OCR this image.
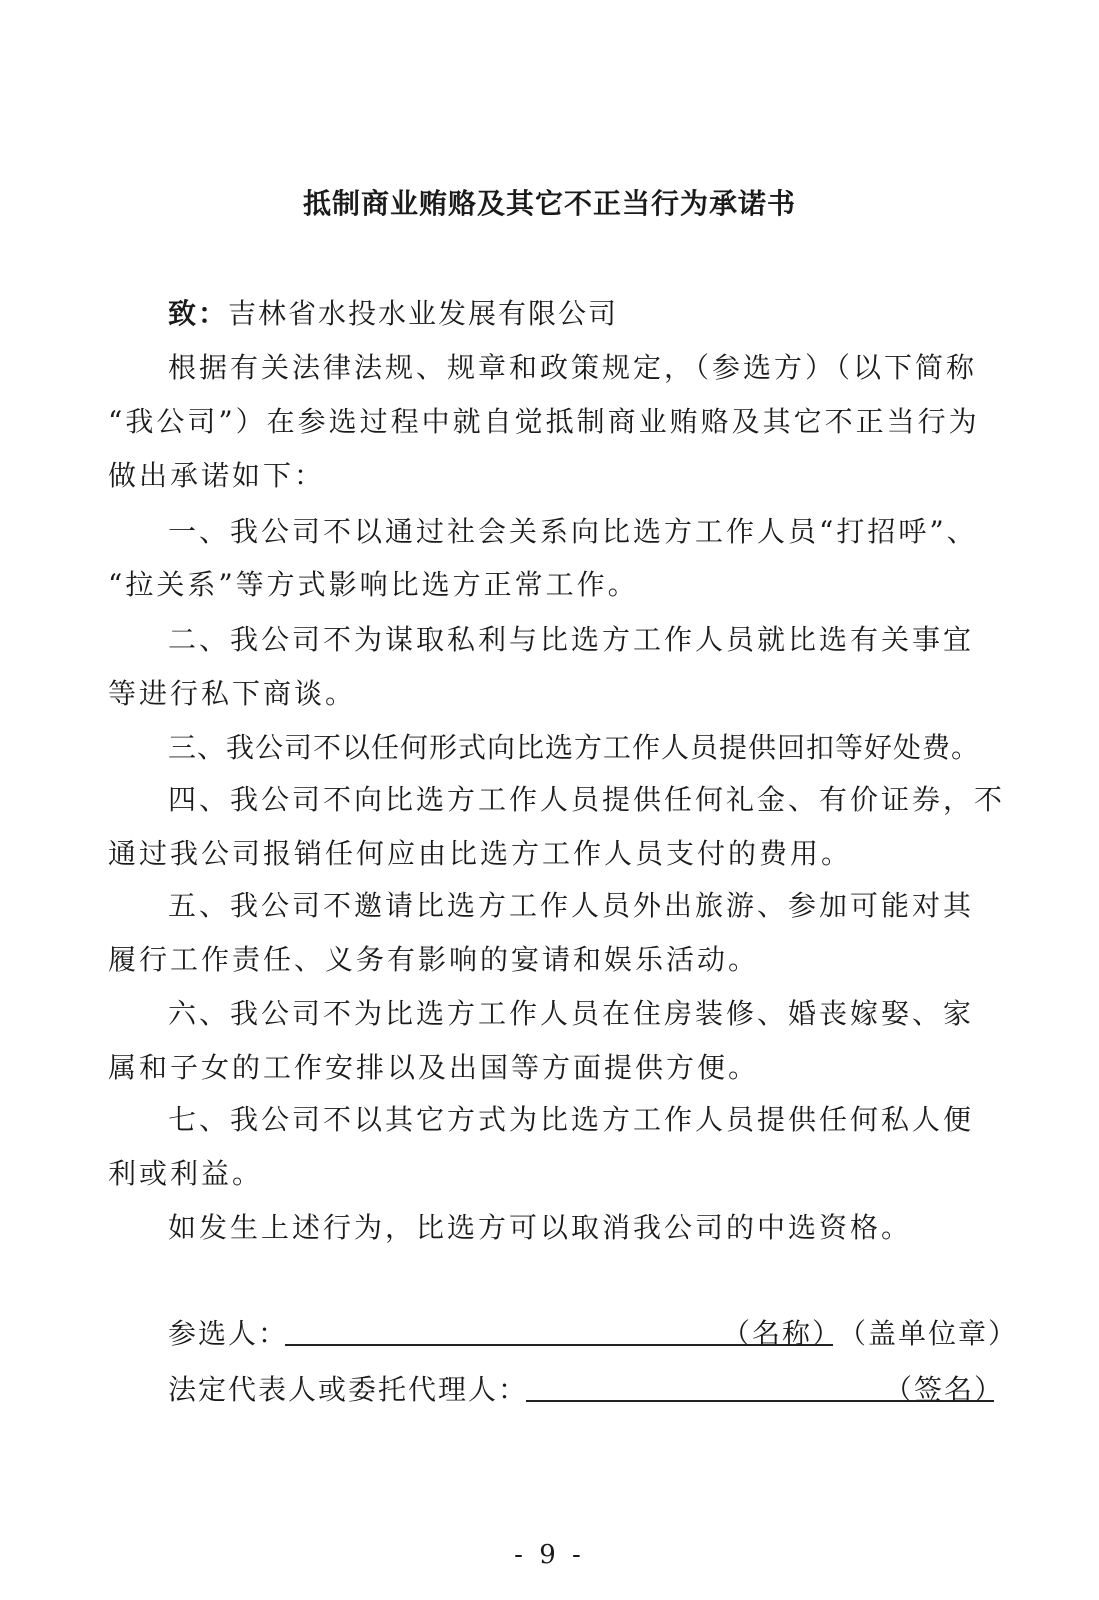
抵制商业贿赂及其它不正当行为承诺书
致：吉林省水投水业发展有限公司
根据有关法律法规、规章和政策规定，（参选方）（以下简称
“我公司”）在参选过程中就自觉抵制商业贿赂及其它不正当行为
做出承诺如下：
一、我公司不以通过社会关系向比选方工作人员“打招呼”、
“拉关系”等方式影响比选方正常工作。
二、我公司不为谋取私利与比选方工作人员就比选有关事宜
等进行私下商谈。
三、我公司不以任何形式向比选方工作人员提供回扣等好处费。
四、我公司不向比选方工作人员提供任何礼金、有价证券，不
通过我公司报销任何应由比选方工作人员支付的费用。
五、我公司不邀请比选方工作人员外出旅游、参加可能对其
履行工作责任、义务有影响的宴请和娱乐活动。
六、我公司不为比选方工作人员在住房装修、婚丧嫁娶、家
属和子女的工作安排以及出国等方面提供方便。
七、我公司不以其它方式为比选方工作人员提供任何私人便
利或利益。
如发生上述行为，比选方可以取消我公司的中选资格。
参选人：	（名称）
（盖单位章）
法定代表人或委托代理人：	（签名）
- 9 -
